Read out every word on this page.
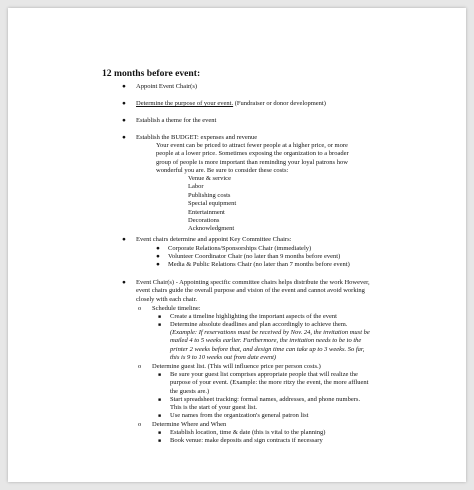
12 months before event:
● Appoint Event Chair(s)
● Determine the purpose of your event. (Fundraiser or donor development)
● Establish a theme for the event
● Establish the BUDGET: expenses and revenue

Your event can be priced to attract fewer people at a higher price, or more

people at a lower price. Sometimes exposing the organization to a broader

group of people is more important than reminding your loyal patrons how

wonderful you are. Be sure to consider these costs:

Venue & service

Labor

Publishing costs

Special equipment

Entertainment

Decorations

Acknowledgment

● Event chairs determine and appoint Key Committee Chairs:
● Corporate Relations/Sponsorships Chair (immediately)
● Volunteer Coordinator Chair (no later than 9 months before event)
● Media & Public Relations Chair (no later than 7 months before event)
● Event Chair(s) - Appointing specific committee chairs helps distribute the work However,

event chairs guide the overall purpose and vision of the event and cannot avoid working

closely with each chair.

o Schedule timeline:
■ Create a timeline highlighting the important aspects of the event
■ Determine absolute deadlines and plan accordingly to achieve them.

(Example: If reservations must be received by Nov. 24, the invitation must be

mailed 4 to 5 weeks earlier. Furthermore, the invitation needs to be to the

printer 2 weeks before that, and design time can take up to 3 weeks. So far,

this is 9 to 10 weeks out from date event)

o Determine guest list. (This will influence price per person costs.)
■ Be sure your guest list comprises appropriate people that will realize the

purpose of your event. (Example: the more ritzy the event, the more affluent

the guests are.)

■ Start spreadsheet tracking: formal names, addresses, and phone numbers.

This is the start of your guest list.

■ Use names from the organization's general patron list
o Determine Where and When
■ Establish location, time & date (this is vital to the planning)
■ Book venue: make deposits and sign contracts if necessary
